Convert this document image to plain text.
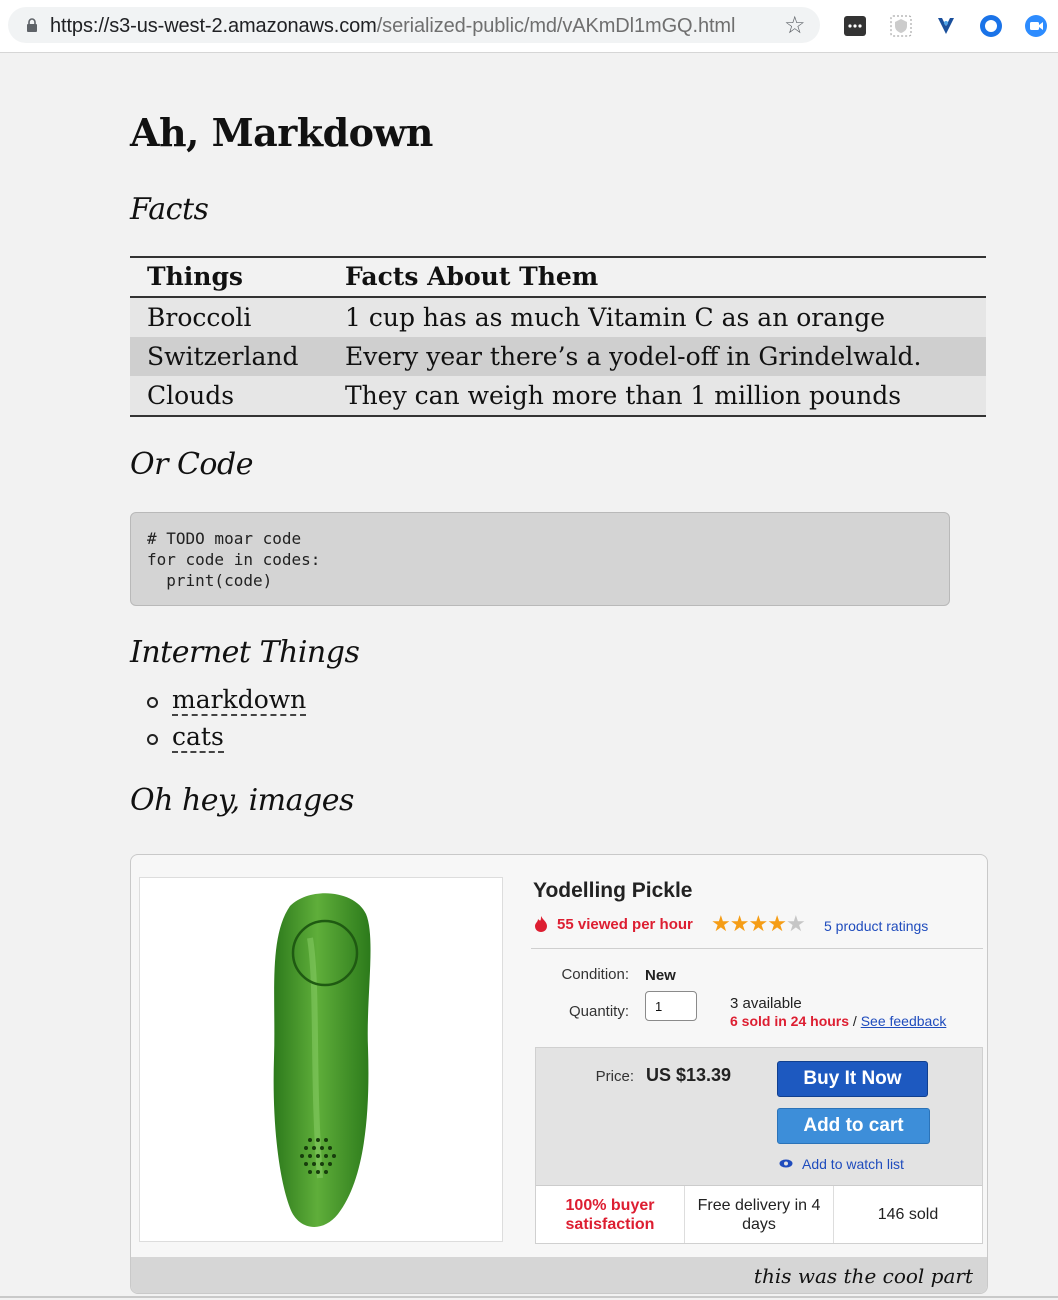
https://s3-us-west-2.amazonaws.com/serialized-public/md/vAKmDl1mGQ.html ☆
Ah, Markdown
Facts
Things	Facts About Them
Broccoli	1 cup has as much Vitamin C as an orange
Switzerland	Every year there’s a yodel-off in Grindelwald.
Clouds	They can weigh more than 1 million pounds
Or Code
# TODO moar code
for code in codes:
print(code)
Internet Things
markdown
cats
Oh hey, images
Yodelling Pickle
55 viewed per hour ★★★★★ 5 product ratings
Condition: New
Quantity:	1	3 available
6 sold in 24 hours / See feedback
Price: US $13.39	Buy It Now
Add to cart
Add to watch list
100% buyer satisfaction
Free delivery in 4 days
146 sold
this was the cool part
